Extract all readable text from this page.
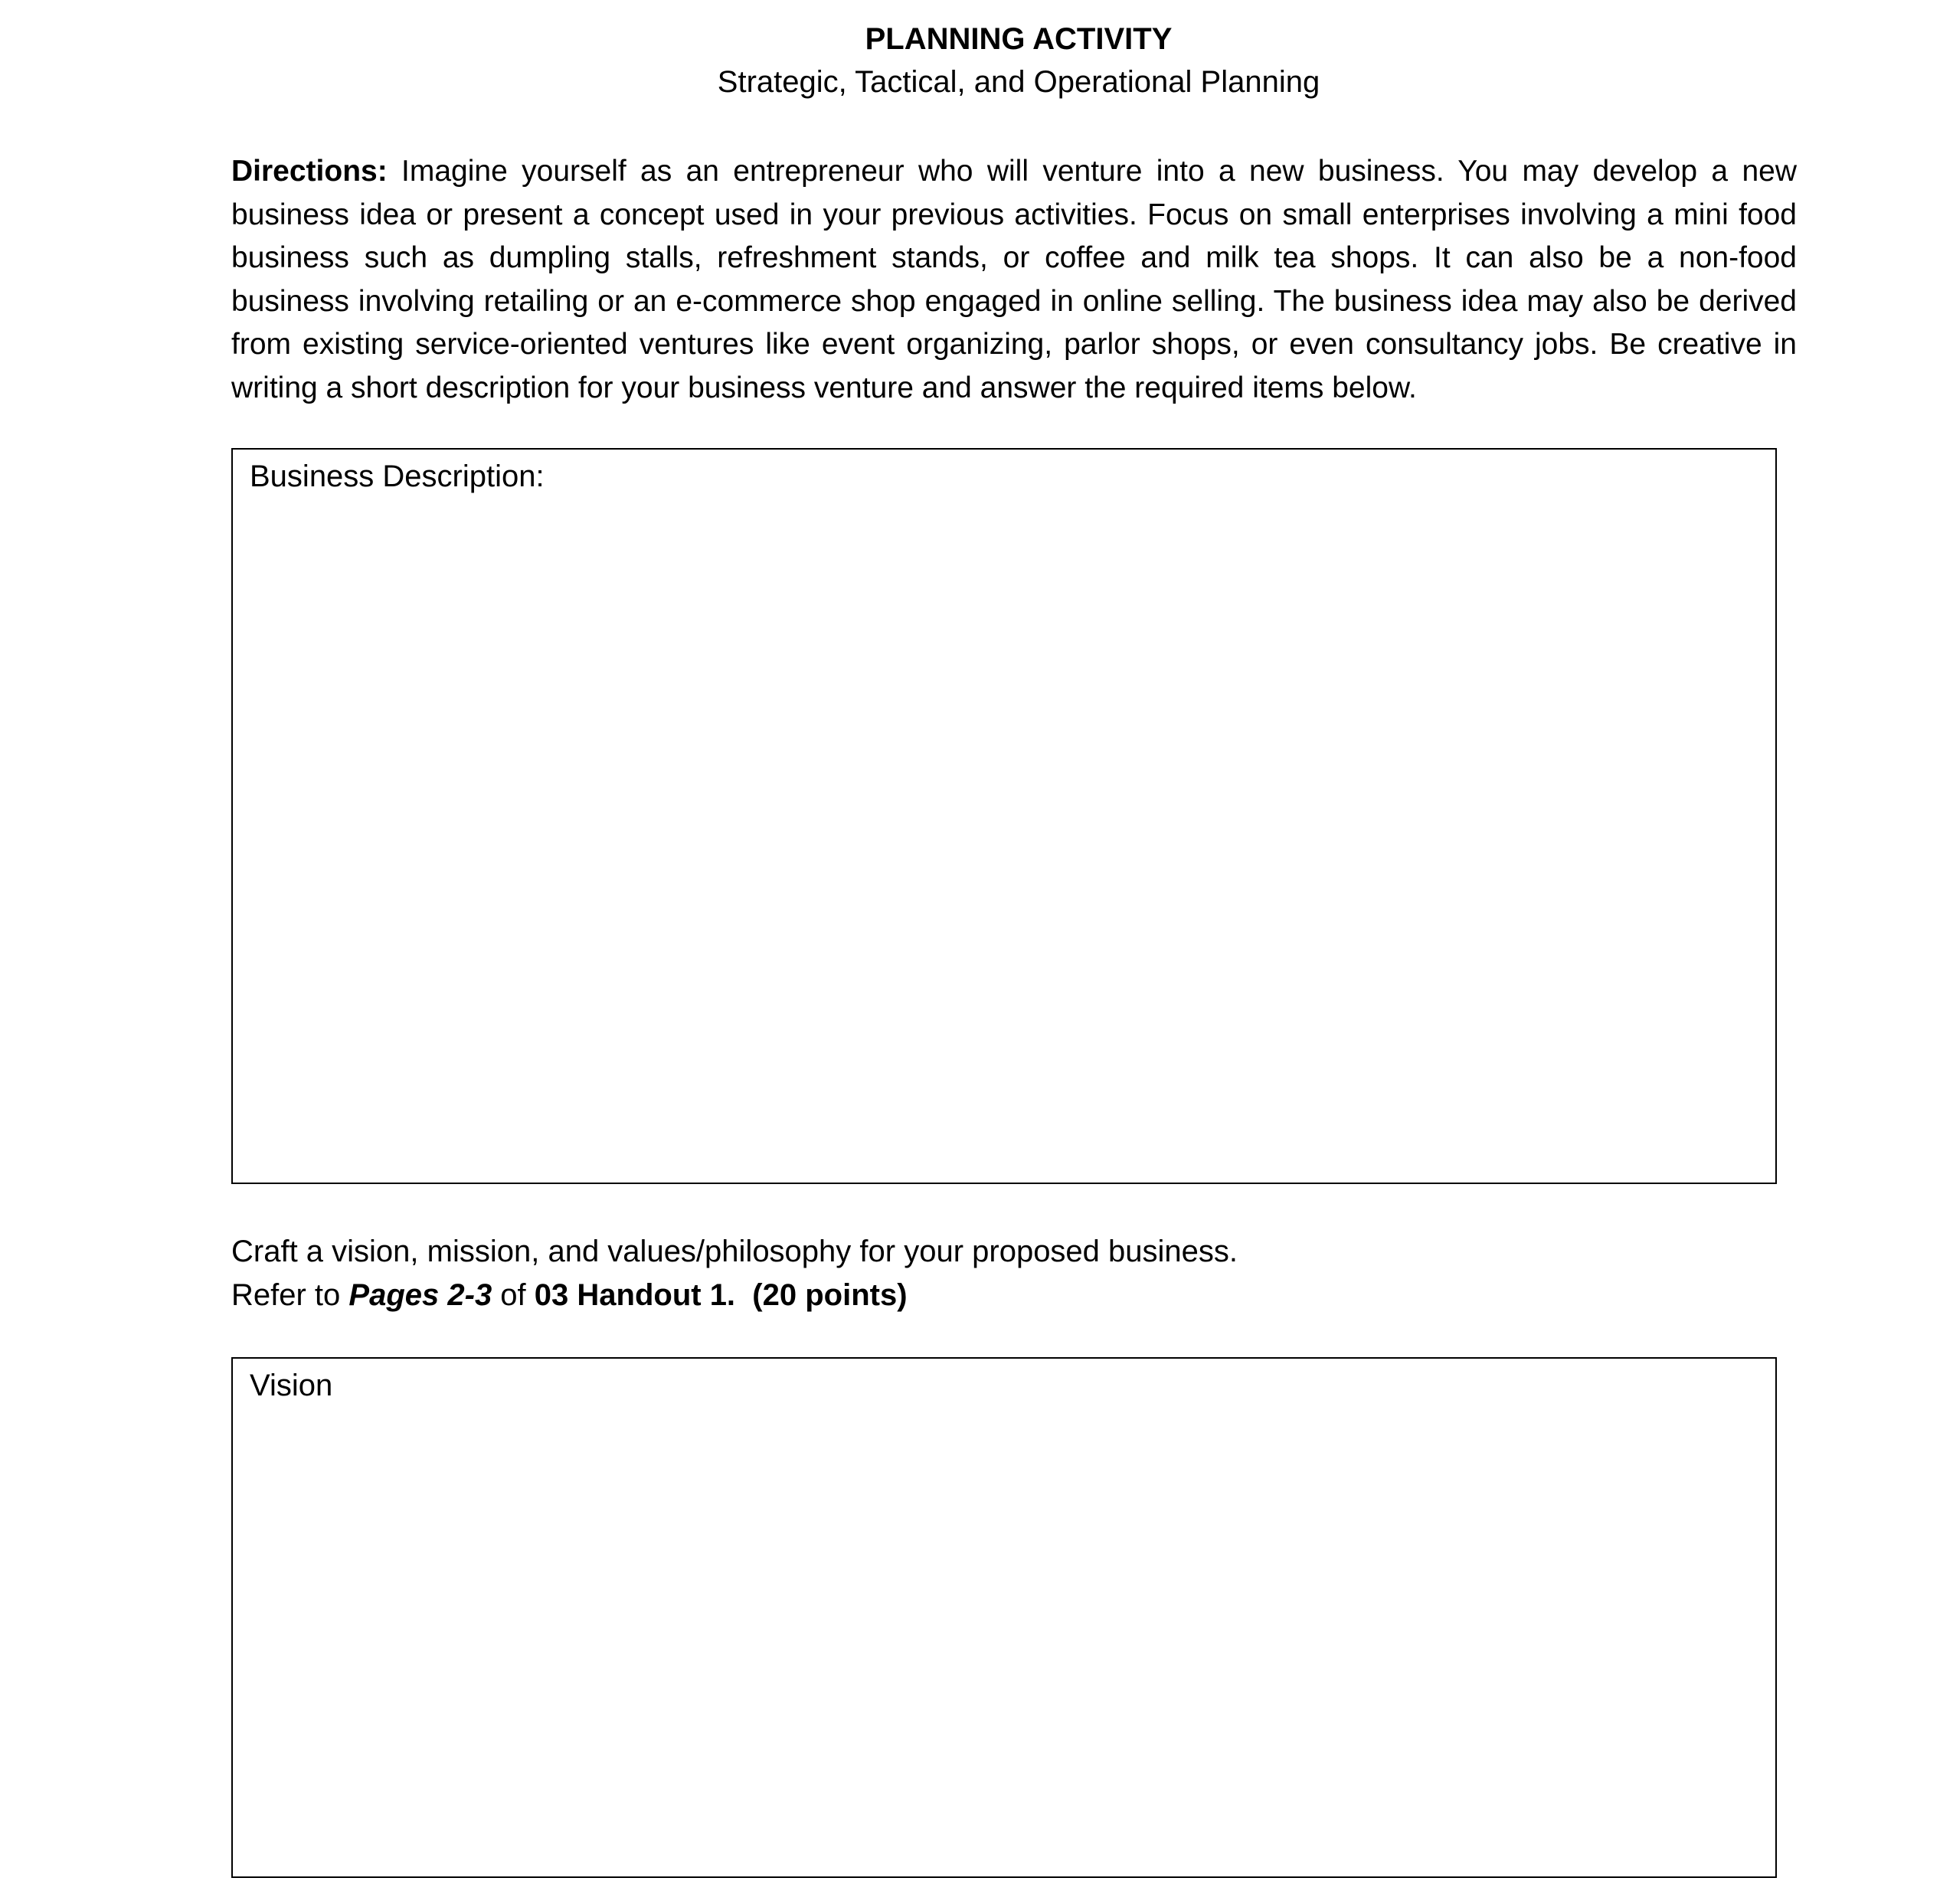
PLANNING ACTIVITY
Strategic, Tactical, and Operational Planning
Directions: Imagine yourself as an entrepreneur who will venture into a new business. You may develop a new business idea or present a concept used in your previous activities. Focus on small enterprises involving a mini food business such as dumpling stalls, refreshment stands, or coffee and milk tea shops. It can also be a non-food business involving retailing or an e-commerce shop engaged in online selling. The business idea may also be derived from existing service-oriented ventures like event organizing, parlor shops, or even consultancy jobs. Be creative in writing a short description for your business venture and answer the required items below.
Business Description:
Craft a vision, mission, and values/philosophy for your proposed business.
Refer to Pages 2-3 of 03 Handout 1. (20 points)
Vision
